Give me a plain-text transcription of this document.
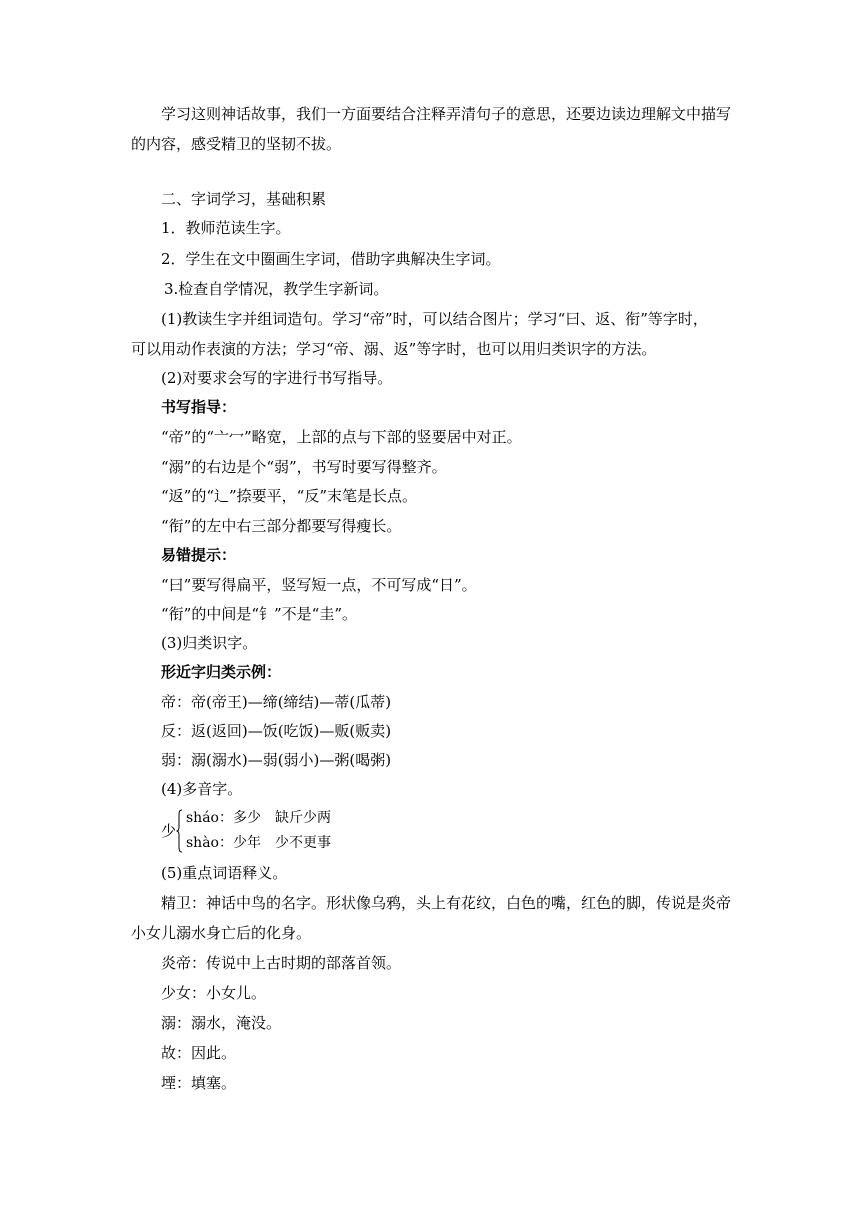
学习这则神话故事，我们一方面要结合注释弄清句子的意思，还要边读边理解文中描写
的内容，感受精卫的坚韧不拔。
二、字词学习，基础积累
1．教师范读生字。
2．学生在文中圈画生字词，借助字典解决生字词。
3.检查自学情况，教学生字新词。
(1)教读生字并组词造句。学习“帝”时，可以结合图片；学习“曰、返、衔”等字时，
可以用动作表演的方法；学习“帝、溺、返”等字时，也可以用归类识字的方法。
(2)对要求会写的字进行书写指导。
书写指导：
“帝”的“亠冖”略宽，上部的点与下部的竖要居中对正。
“溺”的右边是个“弱”，书写时要写得整齐。
“返”的“辶”捺要平，“反”末笔是长点。
“衔”的左中右三部分都要写得瘦长。
易错提示：
“曰”要写得扁平，竖写短一点，不可写成“日”。
“衔”的中间是“钅”不是“圭”。
(3)归类识字。
形近字归类示例：
帝：帝(帝王)—缔(缔结)—蒂(瓜蒂)
反：返(返回)—饭(吃饭)—贩(贩卖)
弱：溺(溺水)—弱(弱小)—粥(喝粥)
(4)多音字。
少
sháo：多少 缺斤少两
shào：少年 少不更事
(5)重点词语释义。
精卫：神话中鸟的名字。形状像乌鸦，头上有花纹，白色的嘴，红色的脚，传说是炎帝
小女儿溺水身亡后的化身。
炎帝：传说中上古时期的部落首领。
少女：小女儿。
溺：溺水，淹没。
故：因此。
堙：填塞。
